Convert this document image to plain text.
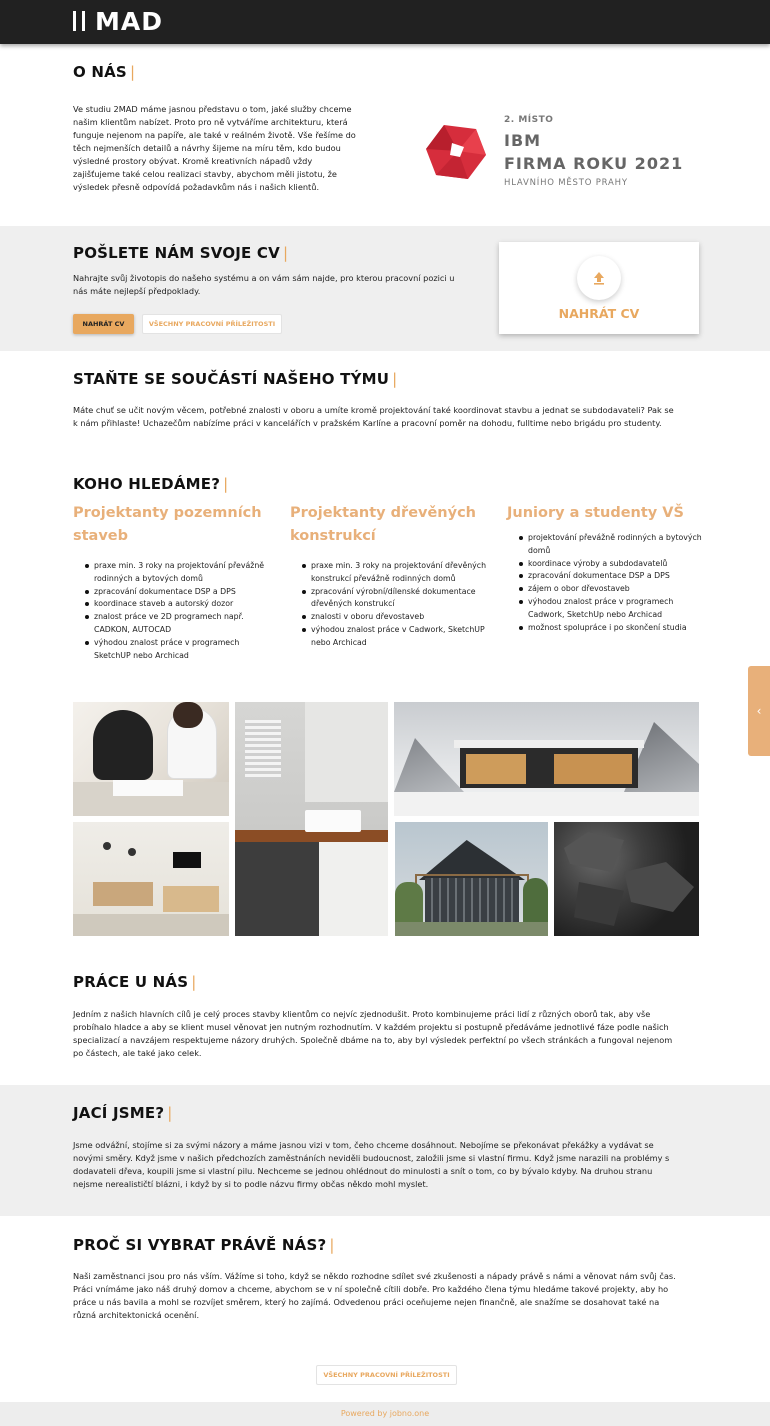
MAD
O NÁS |
Ve studiu 2MAD máme jasnou představu o tom, jaké služby chceme
našim klientům nabízet. Proto pro ně vytváříme architekturu, která
funguje nejenom na papíře, ale také v reálném životě. Vše řešíme do
těch nejmenších detailů a návrhy šijeme na míru těm, kdo budou
výsledné prostory obývat. Kromě kreativních nápadů vždy
zajišťujeme také celou realizaci stavby, abychom měli jistotu, že
výsledek přesně odpovídá požadavkům nás i našich klientů.
2. MÍSTO
IBM
FIRMA ROKU 2021
HLAVNÍHO MĚSTO PRAHY
POŠLETE NÁM SVOJE CV |
Nahrajte svůj životopis do našeho systému a on vám sám najde, pro kterou pracovní pozici u
nás máte nejlepší předpoklady.
NAHRÁT CV	VŠECHNY PRACOVNÍ PŘÍLEŽITOSTI
NAHRÁT CV
STAŇTE SE SOUČÁSTÍ NAŠEHO TÝMU |
Máte chuť se učit novým věcem, potřebné znalosti v oboru a umíte kromě projektování také koordinovat stavbu a jednat se subdodavateli? Pak se
k nám přihlaste! Uchazečům nabízíme práci v kancelářích v pražském Karlíne a pracovní poměr na dohodu, fulltime nebo brigádu pro studenty.
KOHO HLEDÁME? |
Projektanty pozemních staveb
praxe min. 3 roky na projektování převážně rodinných a bytových domů
zpracování dokumentace DSP a DPS
koordinace staveb a autorský dozor
znalost práce ve 2D programech např. CADKON, AUTOCAD
výhodou znalost práce v programech SketchUP nebo Archicad
Projektanty dřevěných konstrukcí
praxe min. 3 roky na projektování dřevěných konstrukcí převážně rodinných domů
zpracování výrobní/dílenské dokumentace dřevěných konstrukcí
znalosti v oboru dřevostaveb
výhodou znalost práce v Cadwork, SketchUP nebo Archicad
Juniory a studenty VŠ
projektování převážně rodinných a bytových domů
koordinace výroby a subdodavatelů
zpracování dokumentace DSP a DPS
zájem o obor dřevostaveb
výhodou znalost práce v programech Cadwork, SketchUp nebo Archicad
možnost spolupráce i po skončení studia
‹
PRÁCE U NÁS |
Jedním z našich hlavních cílů je celý proces stavby klientům co nejvíc zjednodušit. Proto kombinujeme práci lidí z různých oborů tak, aby vše
probíhalo hladce a aby se klient musel věnovat jen nutným rozhodnutím. V každém projektu si postupně předáváme jednotlivé fáze podle našich
specializací a navzájem respektujeme názory druhých. Společně dbáme na to, aby byl výsledek perfektní po všech stránkách a fungoval nejenom
po částech, ale také jako celek.
JACÍ JSME? |
Jsme odvážní, stojíme si za svými názory a máme jasnou vizi v tom, čeho chceme dosáhnout. Nebojíme se překonávat překážky a vydávat se
novými směry. Když jsme v našich předchozích zaměstnáních neviděli budoucnost, založili jsme si vlastní firmu. Když jsme narazili na problémy s
dodavateli dřeva, koupili jsme si vlastní pilu. Nechceme se jednou ohlédnout do minulosti a snít o tom, co by bývalo kdyby. Na druhou stranu
nejsme nerealističtí blázni, i když by si to podle názvu firmy občas někdo mohl myslet.
PROČ SI VYBRAT PRÁVĚ NÁS? |
Naši zaměstnanci jsou pro nás vším. Vážíme si toho, když se někdo rozhodne sdílet své zkušenosti a nápady právě s námi a věnovat nám svůj čas.
Práci vnímáme jako náš druhý domov a chceme, abychom se v ní společně cítili dobře. Pro každého člena týmu hledáme takové projekty, aby ho
práce u nás bavila a mohl se rozvíjet směrem, který ho zajímá. Odvedenou práci oceňujeme nejen finančně, ale snažíme se dosahovat také na
různá architektonická ocenění.
VŠECHNY PRACOVNÍ PŘÍLEŽITOSTI
Powered by jobno.one
